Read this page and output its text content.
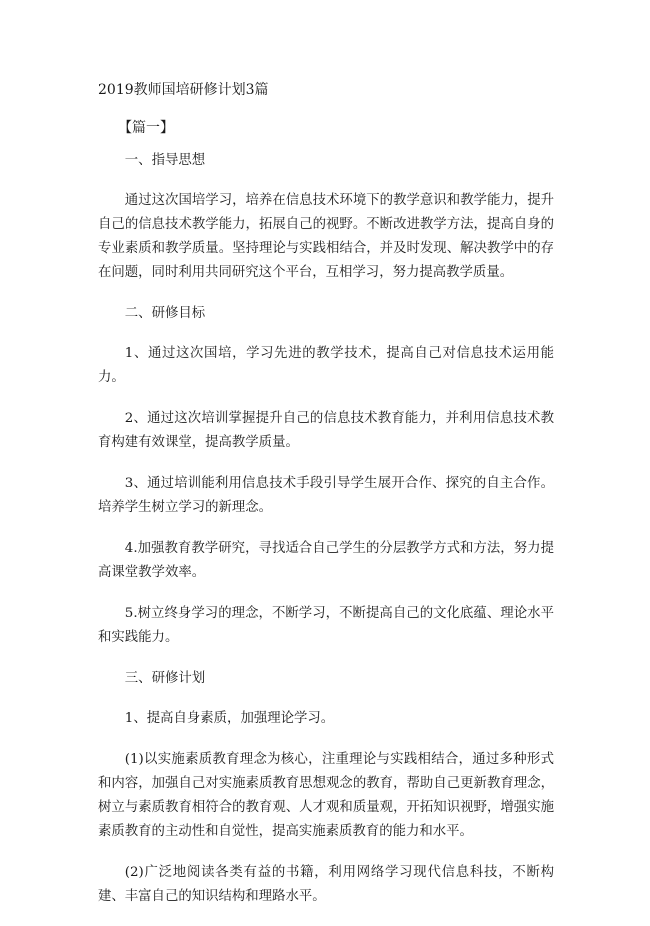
2019教师国培研修计划3篇
【篇一】

一、指导思想

通过这次国培学习，培养在信息技术环境下的教学意识和教学能力，提升自己的信息技术教学能力，拓展自己的视野。不断改进教学方法，提高自身的专业素质和教学质量。坚持理论与实践相结合，并及时发现、解决教学中的存在问题，同时利用共同研究这个平台，互相学习，努力提高教学质量。

二、研修目标

1、通过这次国培，学习先进的教学技术，提高自己对信息技术运用能力。

2、通过这次培训掌握提升自己的信息技术教育能力，并利用信息技术教育构建有效课堂，提高教学质量。

3、通过培训能利用信息技术手段引导学生展开合作、探究的自主合作。培养学生树立学习的新理念。

4.加强教育教学研究，寻找适合自己学生的分层教学方式和方法，努力提高课堂教学效率。

5.树立终身学习的理念，不断学习，不断提高自己的文化底蕴、理论水平和实践能力。

三、研修计划

1、提高自身素质，加强理论学习。

(1)以实施素质教育理念为核心，注重理论与实践相结合，通过多种形式和内容，加强自己对实施素质教育思想观念的教育，帮助自己更新教育理念，树立与素质教育相符合的教育观、人才观和质量观，开拓知识视野，增强实施素质教育的主动性和自觉性，提高实施素质教育的能力和水平。

(2)广泛地阅读各类有益的书籍，利用网络学习现代信息科技，不断构建、丰富自己的知识结构和理路水平。
